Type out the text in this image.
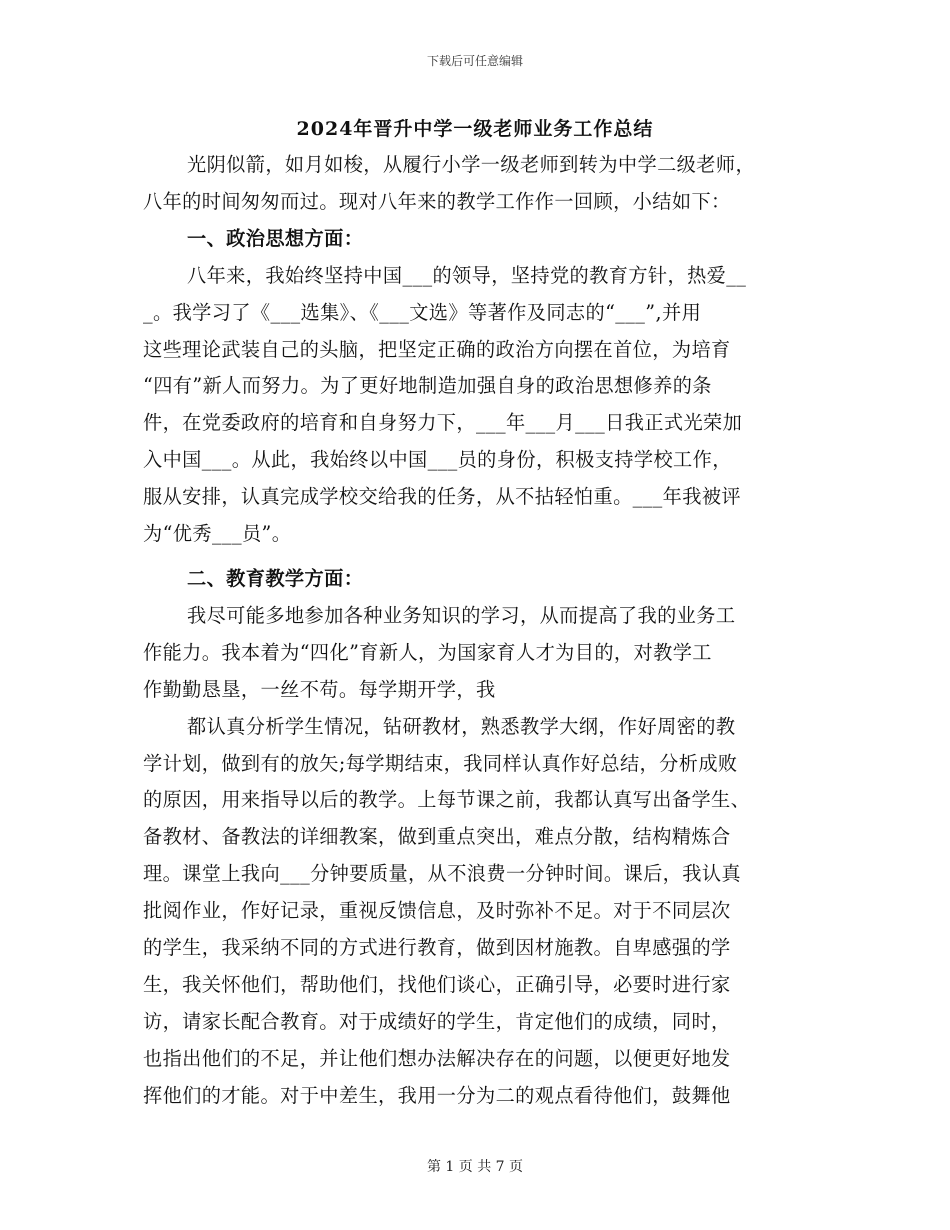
下载后可任意编辑
2024年晋升中学一级老师业务工作总结
光阴似箭，如月如梭，从履行小学一级老师到转为中学二级老师，
八年的时间匆匆而过。现对八年来的教学工作作一回顾，小结如下：
一、政治思想方面：
八年来，我始终坚持中国___的领导，坚持党的教育方针，热爱__
_。我学习了《___选集》、《___文选》等著作及同志的“___”,并用
这些理论武装自己的头脑，把坚定正确的政治方向摆在首位，为培育
“四有”新人而努力。为了更好地制造加强自身的政治思想修养的条
件，在党委政府的培育和自身努力下，___年___月___日我正式光荣加
入中国___。从此，我始终以中国___员的身份，积极支持学校工作，
服从安排，认真完成学校交给我的任务，从不拈轻怕重。___年我被评
为“优秀___员”。
二、教育教学方面：
我尽可能多地参加各种业务知识的学习，从而提高了我的业务工
作能力。我本着为“四化”育新人，为国家育人才为目的，对教学工
作勤勤恳垦，一丝不苟。每学期开学，我
都认真分析学生情况，钻研教材，熟悉教学大纲，作好周密的教
学计划，做到有的放矢;每学期结束，我同样认真作好总结，分析成败
的原因，用来指导以后的教学。上每节课之前，我都认真写出备学生、
备教材、备教法的详细教案，做到重点突出，难点分散，结构精炼合
理。课堂上我向___分钟要质量，从不浪费一分钟时间。课后，我认真
批阅作业，作好记录，重视反馈信息，及时弥补不足。对于不同层次
的学生，我采纳不同的方式进行教育，做到因材施教。自卑感强的学
生，我关怀他们，帮助他们，找他们谈心，正确引导，必要时进行家
访，请家长配合教育。对于成绩好的学生，肯定他们的成绩，同时，
也指出他们的不足，并让他们想办法解决存在的问题，以便更好地发
挥他们的才能。对于中差生，我用一分为二的观点看待他们，鼓舞他
第 1 页 共 7 页
